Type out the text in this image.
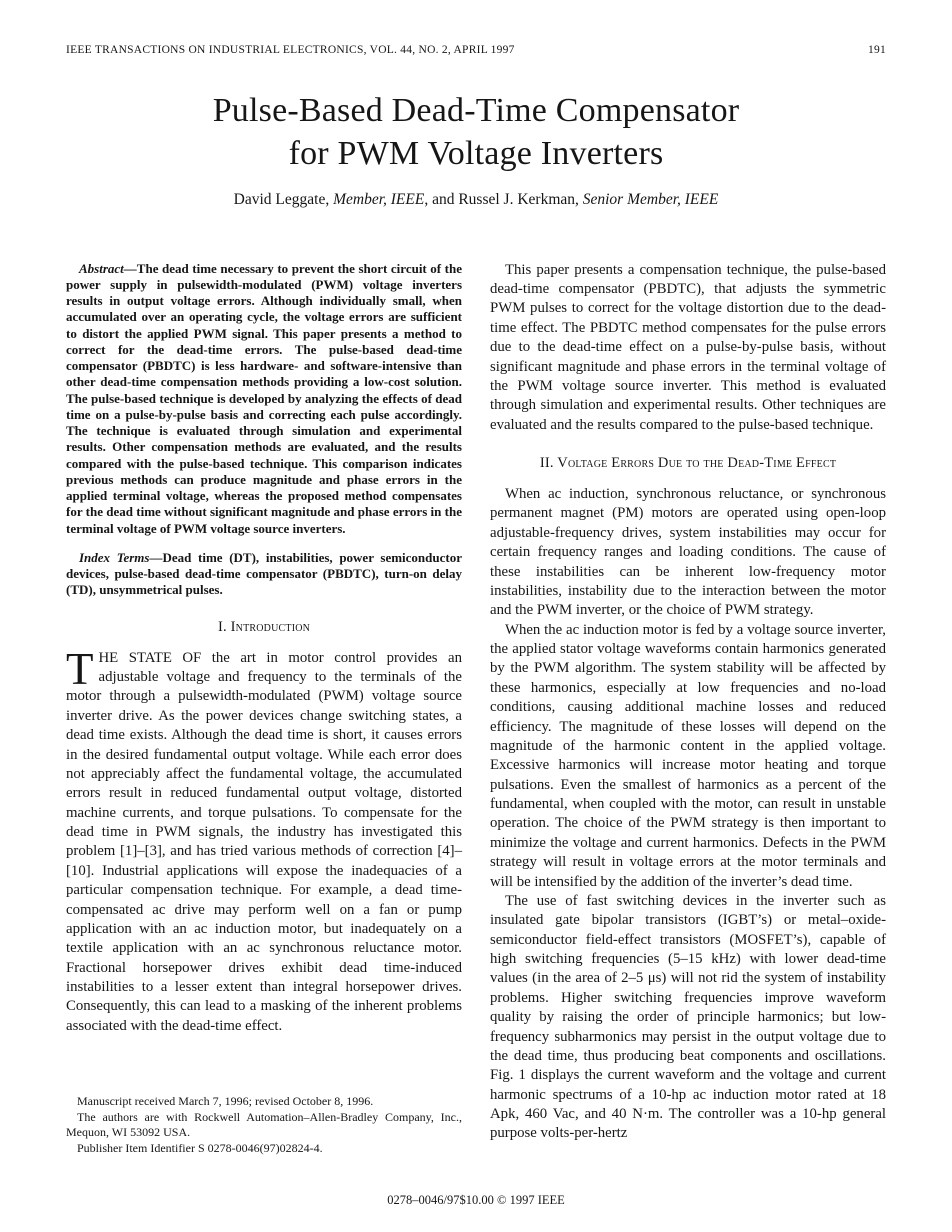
IEEE TRANSACTIONS ON INDUSTRIAL ELECTRONICS, VOL. 44, NO. 2, APRIL 1997	191
Pulse-Based Dead-Time Compensator
for PWM Voltage Inverters
David Leggate, Member, IEEE, and Russel J. Kerkman, Senior Member, IEEE

Abstract—The dead time necessary to prevent the short circuit of the power supply in pulsewidth-modulated (PWM) voltage inverters results in output voltage errors. Although individually small, when accumulated over an operating cycle, the voltage errors are sufficient to distort the applied PWM signal. This paper presents a method to correct for the dead-time errors. The pulse-based dead-time compensator (PBDTC) is less hardware- and software-intensive than other dead-time compensation methods providing a low-cost solution. The pulse-based technique is developed by analyzing the effects of dead time on a pulse-by-pulse basis and correcting each pulse accordingly. The technique is evaluated through simulation and experimental results. Other compensation methods are evaluated, and the results compared with the pulse-based technique. This comparison indicates previous methods can produce magnitude and phase errors in the applied terminal voltage, whereas the proposed method compensates for the dead time without significant magnitude and phase errors in the terminal voltage of PWM voltage source inverters.

Index Terms—Dead time (DT), instabilities, power semiconductor devices, pulse-based dead-time compensator (PBDTC), turn-on delay (TD), unsymmetrical pulses.

I. Introduction

THE STATE OF the art in motor control provides an adjustable voltage and frequency to the terminals of the motor through a pulsewidth-modulated (PWM) voltage source inverter drive. As the power devices change switching states, a dead time exists. Although the dead time is short, it causes errors in the desired fundamental output voltage. While each error does not appreciably affect the fundamental voltage, the accumulated errors result in reduced fundamental output voltage, distorted machine currents, and torque pulsations. To compensate for the dead time in PWM signals, the industry has investigated this problem [1]–[3], and has tried various methods of correction [4]–[10]. Industrial applications will expose the inadequacies of a particular compensation technique. For example, a dead time-compensated ac drive may perform well on a fan or pump application with an ac induction motor, but inadequately on a textile application with an ac synchronous reluctance motor. Fractional horsepower drives exhibit dead time-induced instabilities to a lesser extent than integral horsepower drives. Consequently, this can lead to a masking of the inherent problems associated with the dead-time effect.

Manuscript received March 7, 1996; revised October 8, 1996.

The authors are with Rockwell Automation–Allen-Bradley Company, Inc., Mequon, WI 53092 USA.

Publisher Item Identifier S 0278-0046(97)02824-4.

This paper presents a compensation technique, the pulse-based dead-time compensator (PBDTC), that adjusts the symmetric PWM pulses to correct for the voltage distortion due to the dead-time effect. The PBDTC method compensates for the pulse errors due to the dead-time effect on a pulse-by-pulse basis, without significant magnitude and phase errors in the terminal voltage of the PWM voltage source inverter. This method is evaluated through simulation and experimental results. Other techniques are evaluated and the results compared to the pulse-based technique.

II. Voltage Errors Due to the Dead-Time Effect

When ac induction, synchronous reluctance, or synchronous permanent magnet (PM) motors are operated using open-loop adjustable-frequency drives, system instabilities may occur for certain frequency ranges and loading conditions. The cause of these instabilities can be inherent low-frequency motor instabilities, instability due to the interaction between the motor and the PWM inverter, or the choice of PWM strategy.

When the ac induction motor is fed by a voltage source inverter, the applied stator voltage waveforms contain harmonics generated by the PWM algorithm. The system stability will be affected by these harmonics, especially at low frequencies and no-load conditions, causing additional machine losses and reduced efficiency. The magnitude of these losses will depend on the magnitude of the harmonic content in the applied voltage. Excessive harmonics will increase motor heating and torque pulsations. Even the smallest of harmonics as a percent of the fundamental, when coupled with the motor, can result in unstable operation. The choice of the PWM strategy is then important to minimize the voltage and current harmonics. Defects in the PWM strategy will result in voltage errors at the motor terminals and will be intensified by the addition of the inverter’s dead time.

The use of fast switching devices in the inverter such as insulated gate bipolar transistors (IGBT’s) or metal–oxide-semiconductor field-effect transistors (MOSFET’s), capable of high switching frequencies (5–15 kHz) with lower dead-time values (in the area of 2–5 μs) will not rid the system of instability problems. Higher switching frequencies improve waveform quality by raising the order of principle harmonics; but low-frequency subharmonics may persist in the output voltage due to the dead time, thus producing beat components and oscillations. Fig. 1 displays the current waveform and the voltage and current harmonic spectrums of a 10-hp ac induction motor rated at 18 Apk, 460 Vac, and 40 N·m. The controller was a 10-hp general purpose volts-per-hertz

0278–0046/97$10.00 © 1997 IEEE
